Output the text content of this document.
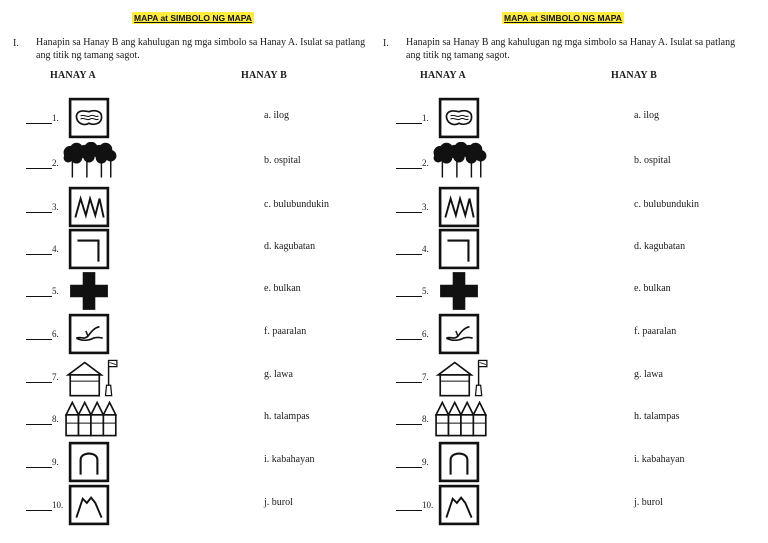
MAPA at SIMBOLO NG MAPA
I. Hanapin sa Hanay B ang kahulugan ng mga simbolo sa Hanay A. Isulat sa patlang ang titik ng tamang sagot.
HANAY A	HANAY B
1.	a. ilog
2.	b. ospital
3.	c. bulubundukin
4.	d. kagubatan
5.	e. bulkan
6.	f. paaralan
7.	g. lawa
8.	h. talampas
9.	i. kabahayan
10.	j. burol
MAPA at SIMBOLO NG MAPA
I. Hanapin sa Hanay B ang kahulugan ng mga simbolo sa Hanay A. Isulat sa patlang ang titik ng tamang sagot.
HANAY A	HANAY B
1.	a. ilog
2.	b. ospital
3.	c. bulubundukin
4.	d. kagubatan
5.	e. bulkan
6.	f. paaralan
7.	g. lawa
8.	h. talampas
9.	i. kabahayan
10.	j. burol
